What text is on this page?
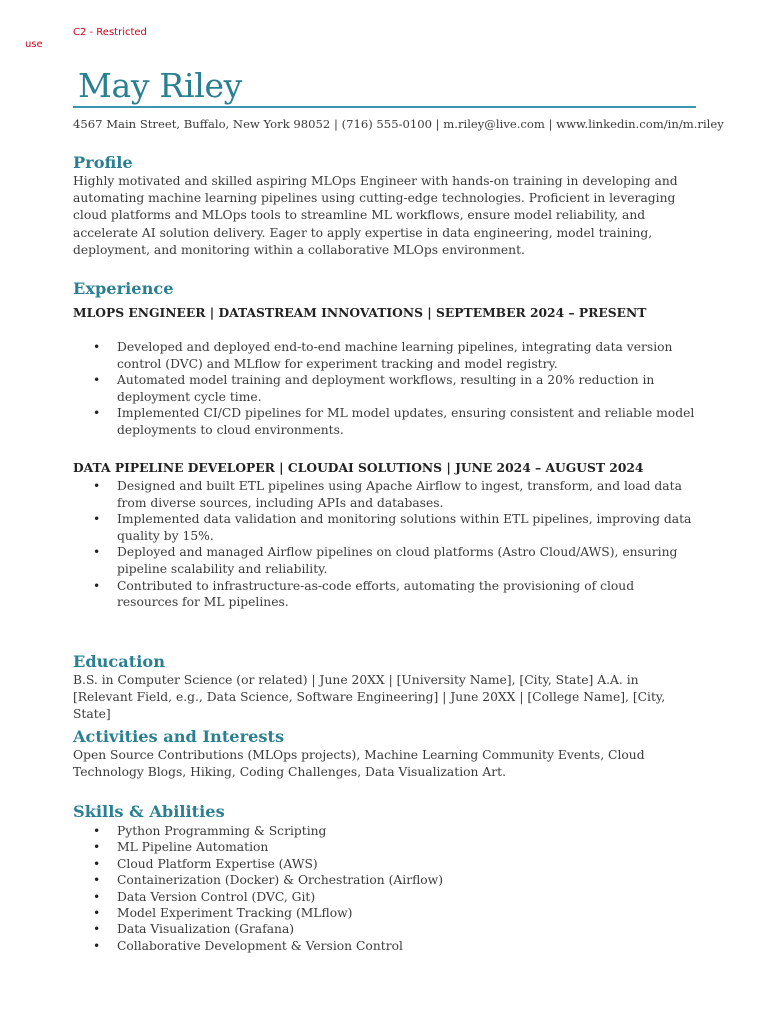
C2 - Restricted
use
May Riley
4567 Main Street, Buffalo, New York 98052 | (716) 555-0100 | m.riley@live.com | www.linkedin.com/in/m.riley
Profile

Highly motivated and skilled aspiring MLOps Engineer with hands-on training in developing and automating machine learning pipelines using cutting-edge technologies. Proficient in leveraging cloud platforms and MLOps tools to streamline ML workflows, ensure model reliability, and accelerate AI solution delivery. Eager to apply expertise in data engineering, model training, deployment, and monitoring within a collaborative MLOps environment.

Experience

MLOPS ENGINEER | DATASTREAM INNOVATIONS | SEPTEMBER 2024 – PRESENT

• Developed and deployed end-to-end machine learning pipelines, integrating data version control (DVC) and MLflow for experiment tracking and model registry.
• Automated model training and deployment workflows, resulting in a 20% reduction in deployment cycle time.
• Implemented CI/CD pipelines for ML model updates, ensuring consistent and reliable model deployments to cloud environments.

DATA PIPELINE DEVELOPER | CLOUDAI SOLUTIONS | JUNE 2024 – AUGUST 2024

• Designed and built ETL pipelines using Apache Airflow to ingest, transform, and load data from diverse sources, including APIs and databases.
• Implemented data validation and monitoring solutions within ETL pipelines, improving data quality by 15%.
• Deployed and managed Airflow pipelines on cloud platforms (Astro Cloud/AWS), ensuring pipeline scalability and reliability.
• Contributed to infrastructure-as-code efforts, automating the provisioning of cloud resources for ML pipelines.
Education

B.S. in Computer Science (or related) | June 20XX | [University Name], [City, State] A.A. in [Relevant Field, e.g., Data Science, Software Engineering] | June 20XX | [College Name], [City, State]

Activities and Interests

Open Source Contributions (MLOps projects), Machine Learning Community Events, Cloud Technology Blogs, Hiking, Coding Challenges, Data Visualization Art.

Skills & Abilities
• Python Programming & Scripting
• ML Pipeline Automation
• Cloud Platform Expertise (AWS)
• Containerization (Docker) & Orchestration (Airflow)
• Data Version Control (DVC, Git)
• Model Experiment Tracking (MLflow)
• Data Visualization (Grafana)
• Collaborative Development & Version Control
